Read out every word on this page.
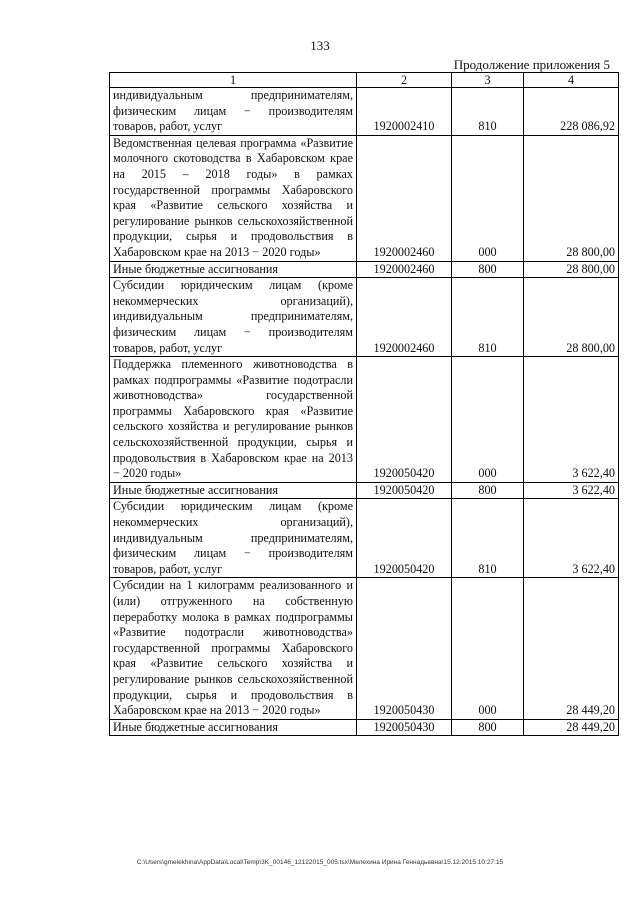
133
Продолжение приложения 5
1	2	3	4
индивидуальным предпринимателям, физическим лицам − производителям товаров, работ, услуг	1920002410	810	228 086,92
Ведомственная целевая программа «Развитие молочного скотоводства в Хабаровском крае на 2015 – 2018 годы» в рамках государственной программы Хабаровского края «Развитие сельского хозяйства и регулирование рынков сельскохозяйственной продукции, сырья и продовольствия в Хабаровском крае на 2013 − 2020 годы»	1920002460	000	28 800,00
Иные бюджетные ассигнования	1920002460	800	28 800,00
Субсидии юридическим лицам (кроме некоммерческих организаций), индивидуальным предпринимателям, физическим лицам − производителям товаров, работ, услуг	1920002460	810	28 800,00
Поддержка племенного животноводства в рамках подпрограммы «Развитие подотрасли животноводства» государственной программы Хабаровского края «Развитие сельского хозяйства и регулирование рынков сельскохозяйственной продукции, сырья и продовольствия в Хабаровском крае на 2013 − 2020 годы»	1920050420	000	3 622,40
Иные бюджетные ассигнования	1920050420	800	3 622,40
Субсидии юридическим лицам (кроме некоммерческих организаций), индивидуальным предпринимателям, физическим лицам − производителям товаров, работ, услуг	1920050420	810	3 622,40
Субсидии на 1 килограмм реализованного и (или) отгруженного на собственную переработку молока в рамках подпрограммы «Развитие подотрасли животноводства» государственной программы Хабаровского края «Развитие сельского хозяйства и регулирование рынков сельскохозяйственной продукции, сырья и продовольствия в Хабаровском крае на 2013 − 2020 годы»	1920050430	000	28 449,20
Иные бюджетные ассигнования	1920050430	800	28 449,20
C:\Users\gmelekhina\AppData\Local\Temp\3K_00146_12122015_005.tsx\Мелехина Ирина Геннадьевна\15.12.2015 10:27:15
